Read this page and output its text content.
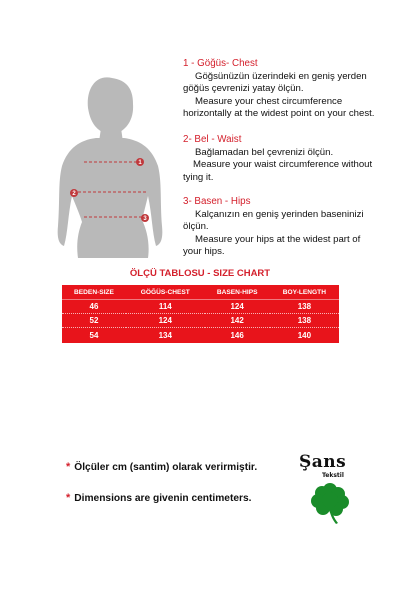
1
2
3
1 - Göğüs- Chest
Göğsünüzün üzerindeki en geniş yerden
göğüs çevrenizi yatay ölçün.
Measure your chest circumference
horizontally at the widest point on your chest.
2- Bel - Waist
Bağlamadan bel çevrenizi ölçün.
Measure your waist circumference without
tying it.
3- Basen - Hips
Kalçanızın en geniş yerinden baseninizi
ölçün.
Measure your hips at the widest part of
your hips.
ÖLÇÜ TABLOSU - SIZE CHART
BEDEN-SIZE	GÖĞÜS-CHEST	BASEN-HIPS	BOY-LENGTH
46	114	124	138
52	124	142	138
54	134	146	140
* Ölçüler cm (santim) olarak verirmiştir.
* Dimensions are givenin centimeters.
Şans
Tekstil
